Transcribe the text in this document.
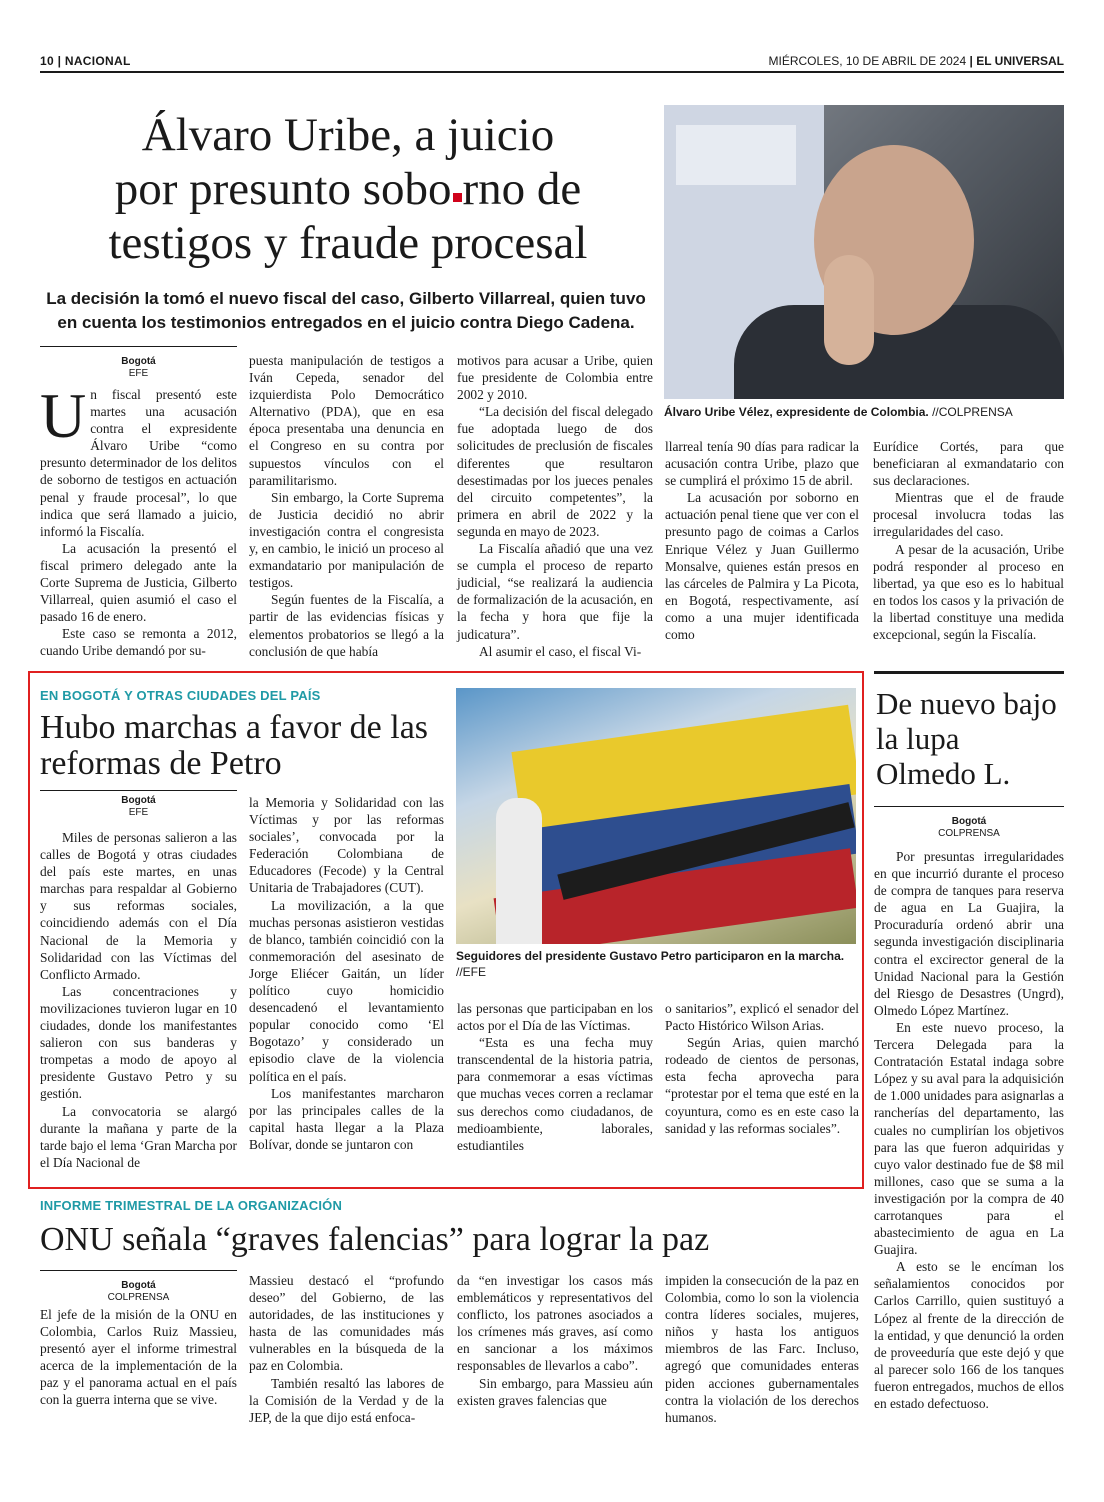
10 | NACIONAL	MIÉRCOLES, 10 DE ABRIL DE 2024 | EL UNIVERSAL
Álvaro Uribe, a juicio
por presunto sobo rno de
testigos y fraude procesal

La decisión la tomó el nuevo fiscal del caso, Gilberto Villarreal, quien tuvo en cuenta los testimonios entregados en el juicio contra Diego Cadena.

Álvaro Uribe Vélez, expresidente de Colombia. //COLPRENSA
Bogotá
EFE
U n fiscal presentó este martes una acusación contra el expresidente Álvaro Uribe “como presunto determinador de los delitos de soborno de testigos en actuación penal y fraude procesal”, lo que indica que será llamado a juicio, informó la Fiscalía.

La acusación la presentó el fiscal primero delegado ante la Corte Suprema de Justicia, Gilberto Villarreal, quien asumió el caso el pasado 16 de enero.

Este caso se remonta a 2012, cuando Uribe demandó por su-

puesta manipulación de testigos a Iván Cepeda, senador del izquierdista Polo Democrático Alternativo (PDA), que en esa época presentaba una denuncia en el Congreso en su contra por supuestos vínculos con el paramilitarismo.

Sin embargo, la Corte Suprema de Justicia decidió no abrir investigación contra el congresista y, en cambio, le inició un proceso al exmandatario por manipulación de testigos.

Según fuentes de la Fiscalía, a partir de las evidencias físicas y elementos probatorios se llegó a la conclusión de que había

motivos para acusar a Uribe, quien fue presidente de Colombia entre 2002 y 2010.

“La decisión del fiscal delegado fue adoptada luego de dos solicitudes de preclusión de fiscales diferentes que resultaron desestimadas por los jueces penales del circuito competentes”, la primera en abril de 2022 y la segunda en mayo de 2023.

La Fiscalía añadió que una vez se cumpla el proceso de reparto judicial, “se realizará la audiencia de formalización de la acusación, en la fecha y hora que fije la judicatura”.

Al asumir el caso, el fiscal Vi-

llarreal tenía 90 días para radicar la acusación contra Uribe, plazo que se cumplirá el próximo 15 de abril.

La acusación por soborno en actuación penal tiene que ver con el presunto pago de coimas a Carlos Enrique Vélez y Juan Guillermo Monsalve, quienes están presos en las cárceles de Palmira y La Picota, en Bogotá, respectivamente, así como a una mujer identificada como

Eurídice Cortés, para que beneficiaran al exmandatario con sus declaraciones.

Mientras que el de fraude procesal involucra todas las irregularidades del caso.

A pesar de la acusación, Uribe podrá responder al proceso en libertad, ya que eso es lo habitual en todos los casos y la privación de la libertad constituye una medida excepcional, según la Fiscalía.

EN BOGOTÁ Y OTRAS CIUDADES DEL PAÍS
Hubo marchas a favor de las reformas de Petro
Seguidores del presidente Gustavo Petro participaron en la marcha.
//EFE
Bogotá
EFE

Miles de personas salieron a las calles de Bogotá y otras ciudades del país este martes, en unas marchas para respaldar al Gobierno y sus reformas sociales, coincidiendo además con el Día Nacional de la Memoria y Solidaridad con las Víctimas del Conflicto Armado.

Las concentraciones y movilizaciones tuvieron lugar en 10 ciudades, donde los manifestantes salieron con sus banderas y trompetas a modo de apoyo al presidente Gustavo Petro y su gestión.

La convocatoria se alargó durante la mañana y parte de la tarde bajo el lema ‘Gran Marcha por el Día Nacional de

la Memoria y Solidaridad con las Víctimas y por las reformas sociales’, convocada por la Federación Colombiana de Educadores (Fecode) y la Central Unitaria de Trabajadores (CUT).

La movilización, a la que muchas personas asistieron vestidas de blanco, también coincidió con la conmemoración del asesinato de Jorge Eliécer Gaitán, un líder político cuyo homicidio desencadenó el levantamiento popular conocido como ‘El Bogotazo’ y considerado un episodio clave de la violencia política en el país.

Los manifestantes marcharon por las principales calles de la capital hasta llegar a la Plaza Bolívar, donde se juntaron con

las personas que participaban en los actos por el Día de las Víctimas.

“Esta es una fecha muy transcendental de la historia patria, para conmemorar a esas víctimas que muchas veces corren a reclamar sus derechos como ciudadanos, de medioambiente, laborales, estudiantiles

o sanitarios”, explicó el senador del Pacto Histórico Wilson Arias.

Según Arias, quien marchó rodeado de cientos de personas, esta fecha aprovecha para “protestar por el tema que esté en la coyuntura, como es en este caso la sanidad y las reformas sociales”.

De nuevo bajo la lupa Olmedo L.
Bogotá
COLPRENSA

Por presuntas irregularidades en que incurrió durante el proceso de compra de tanques para reserva de agua en La Guajira, la Procuraduría ordenó abrir una segunda investigación disciplinaria contra el excirector general de la Unidad Nacional para la Gestión del Riesgo de Desastres (Ungrd), Olmedo López Martínez.

En este nuevo proceso, la Tercera Delegada para la Contratación Estatal indaga sobre López y su aval para la adquisición de 1.000 unidades para asignarlas a rancherías del departamento, las cuales no cumplirían los objetivos para las que fueron adquiridas y cuyo valor destinado fue de $8 mil millones, caso que se suma a la investigación por la compra de 40 carrotanques para el abastecimiento de agua en La Guajira.

A esto se le encíman los señalamientos conocidos por Carlos Carrillo, quien sustituyó a López al frente de la dirección de la entidad, y que denunció la orden de proveeduría que este dejó y que al parecer solo 166 de los tanques fueron entregados, muchos de ellos en estado defectuoso.

INFORME TRIMESTRAL DE LA ORGANIZACIÓN
ONU señala “graves falencias” para lograr la paz
Bogotá
COLPRENSA

El jefe de la misión de la ONU en Colombia, Carlos Ruiz Massieu, presentó ayer el informe trimestral acerca de la implementación de la paz y el panorama actual en el país con la guerra interna que se vive.

Massieu destacó el “profundo deseo” del Gobierno, de las autoridades, de las instituciones y hasta de las comunidades más vulnerables en la búsqueda de la paz en Colombia.

También resaltó las labores de la Comisión de la Verdad y de la JEP, de la que dijo está enfoca-

da “en investigar los casos más emblemáticos y representativos del conflicto, los patrones asociados a los crímenes más graves, así como en sancionar a los máximos responsables de llevarlos a cabo”.

Sin embargo, para Massieu aún existen graves falencias que

impiden la consecución de la paz en Colombia, como lo son la violencia contra líderes sociales, mujeres, niños y hasta los antiguos miembros de las Farc. Incluso, agregó que comunidades enteras piden acciones gubernamentales contra la violación de los derechos humanos.
